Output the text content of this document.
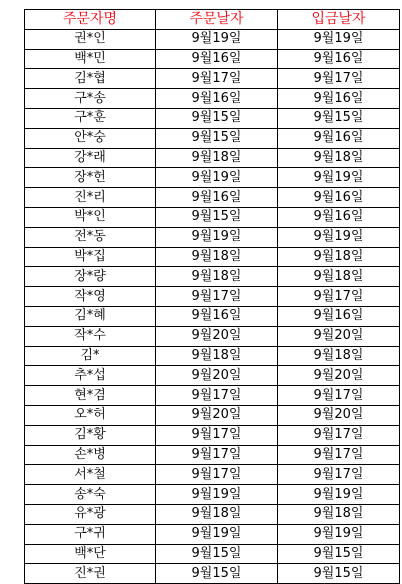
주문자명	주문날자	입금날자
권*인	9월19일	9월19일
백*민	9월16일	9월16일
김*협	9월17일	9월17일
구*송	9월16일	9월16일
구*훈	9월15일	9월15일
안*숭	9월15일	9월16일
강*래	9월18일	9월18일
장*헌	9월19일	9월19일
진*리	9월16일	9월16일
박*인	9월15일	9월16일
전*동	9월19일	9월19일
박*집	9월18일	9월18일
장*량	9월18일	9월18일
작*영	9월17일	9월17일
김*혜	9월16일	9월16일
작*수	9월20일	9월20일
김*	9월18일	9월18일
추*섭	9월20일	9월20일
현*겸	9월17일	9월17일
오*허	9월20일	9월20일
김*황	9월17일	9월17일
손*병	9월17일	9월17일
서*철	9월17일	9월17일
송*숙	9월19일	9월19일
유*광	9월18일	9월18일
구*귀	9월19일	9월19일
백*단	9월15일	9월15일
진*권	9월15일	9월15일
